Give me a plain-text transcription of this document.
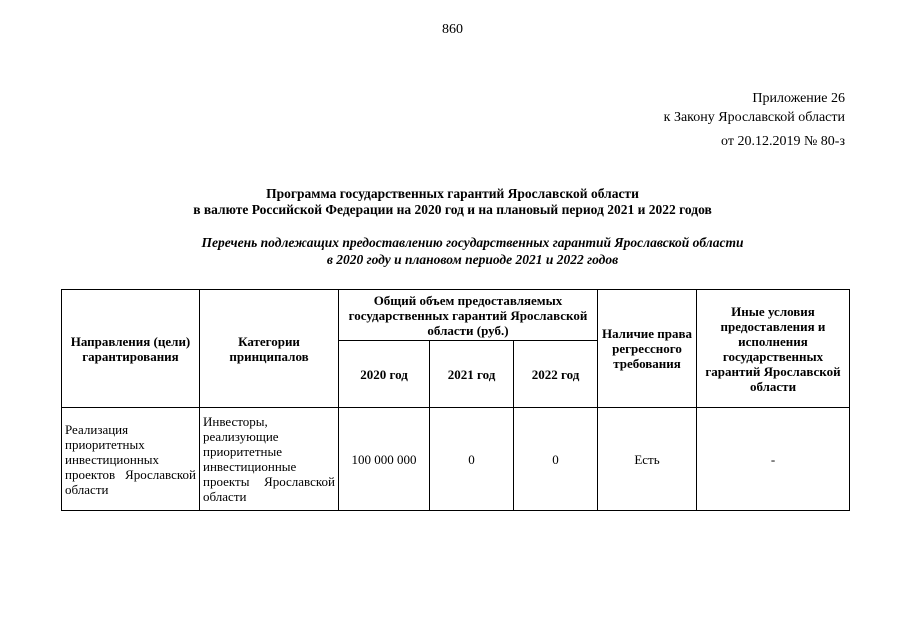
860
Приложение 26
к Закону Ярославской области
от 20.12.2019 № 80-з
Программа государственных гарантий Ярославской области
в валюте Российской Федерации на 2020 год и на плановый период 2021 и 2022 годов
Перечень подлежащих предоставлению государственных гарантий Ярославской области
в 2020 году и плановом периоде 2021 и 2022 годов
Направления (цели) гарантирования	Категории принципалов	Общий объем предоставляемых государственных гарантий Ярославской области (руб.)			Наличие права регрессного требования	Иные условия предоставления и исполнения государственных гарантий Ярославской области
		2020 год	2021 год	2022 год		
Реализация приоритетных инвестиционных проектов Ярославской области	Инвесторы, реализующие приоритетные инвестиционные проекты Ярославской области	100 000 000	0	0	Есть	-
